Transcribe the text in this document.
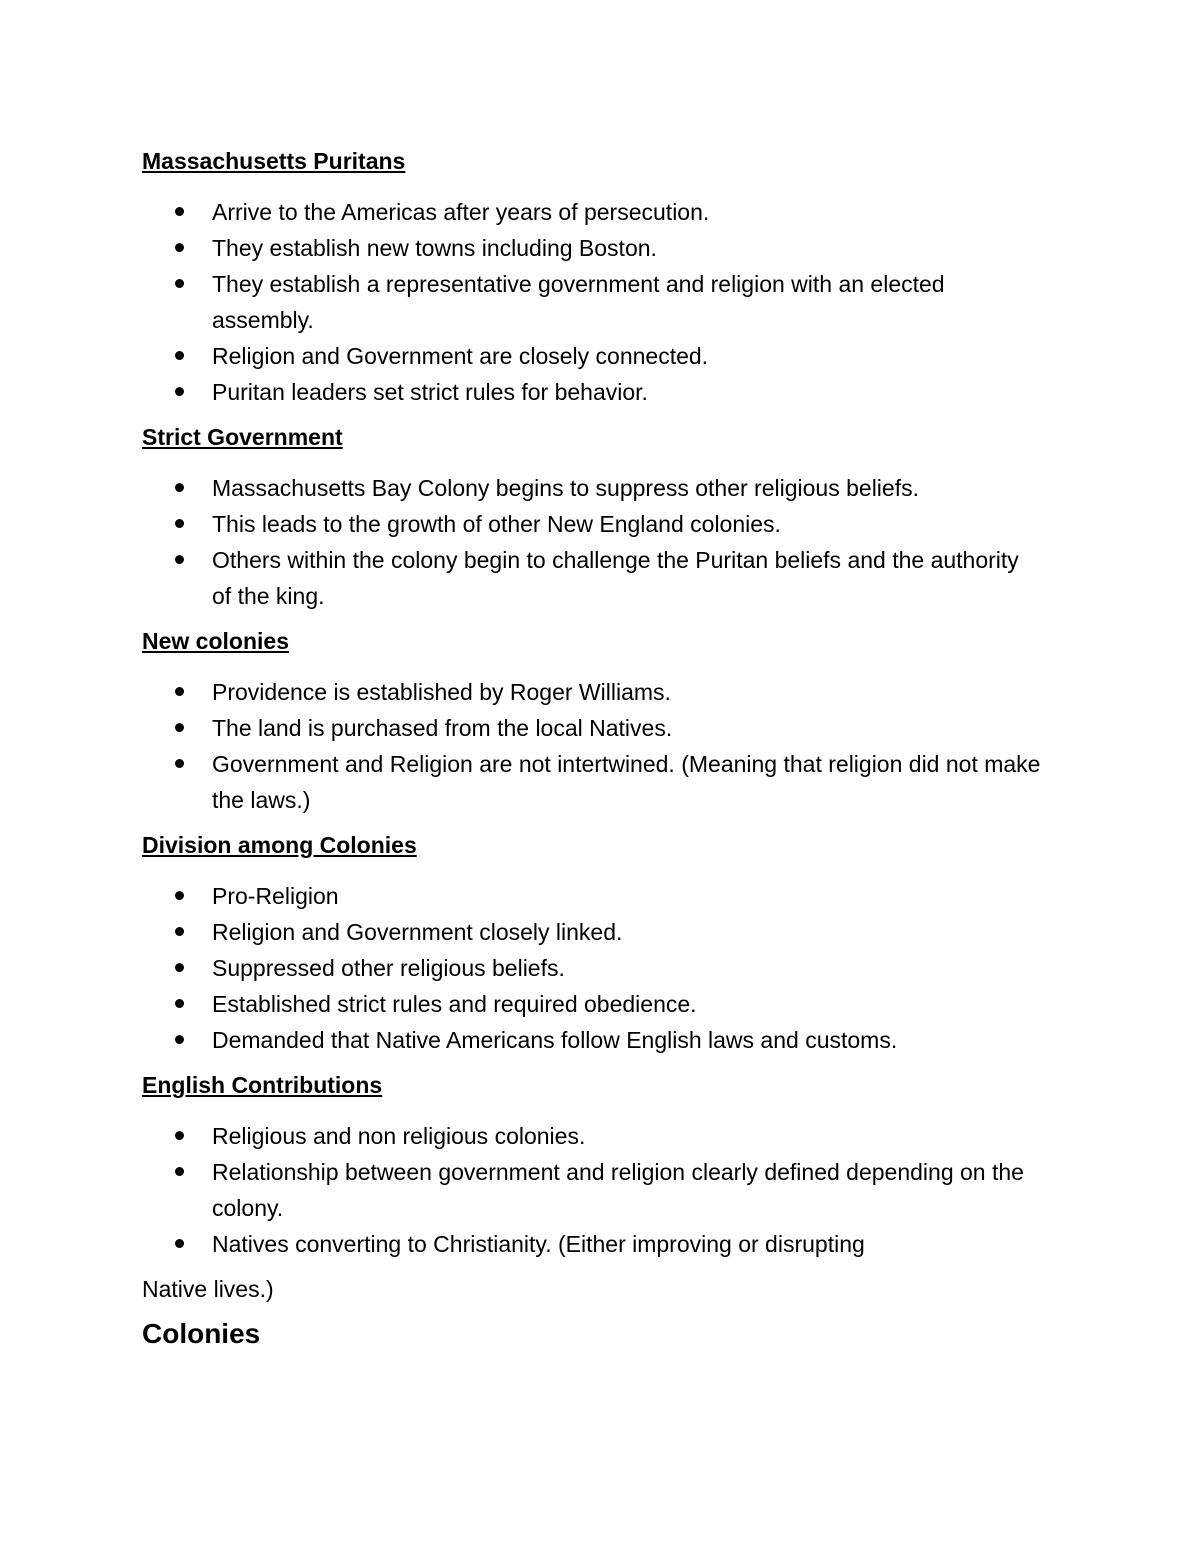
Massachusetts Puritans
Arrive to the Americas after years of persecution.
They establish new towns including Boston.
They establish a representative government and religion with an elected assembly.
Religion and Government are closely connected.
Puritan leaders set strict rules for behavior.
Strict Government
Massachusetts Bay Colony begins to suppress other religious beliefs.
This leads to the growth of other New England colonies.
Others within the colony begin to challenge the Puritan beliefs and the authority of the king.
New colonies
Providence is established by Roger Williams.
The land is purchased from the local Natives.
Government and Religion are not intertwined. (Meaning that religion did not make the laws.)
Division among Colonies
Pro-Religion
Religion and Government closely linked.
Suppressed other religious beliefs.
Established strict rules and required obedience.
Demanded that Native Americans follow English laws and customs.
English Contributions
Religious and non religious colonies.
Relationship between government and religion clearly defined depending on the colony.
Natives converting to Christianity. (Either improving or disrupting
Native lives.)
Colonies
